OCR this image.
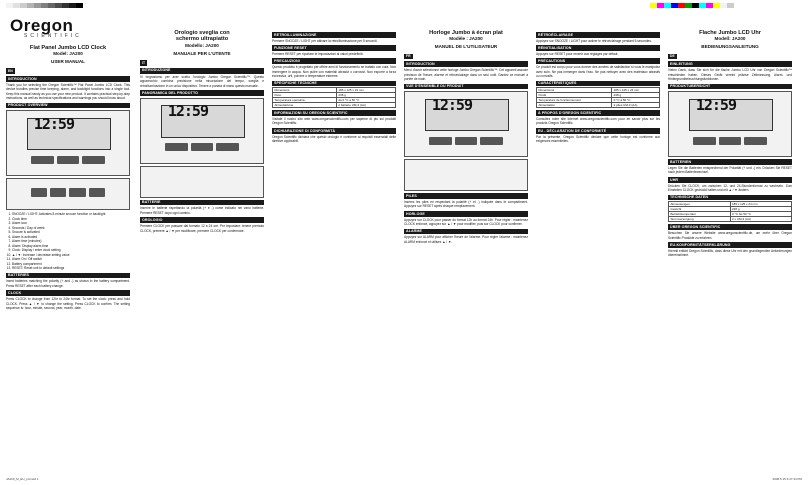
Oregon
SCIENTIFIC
Flat Panel Jumbo LCD Clock
Model: JA200
USER MANUAL
EN
INTRODUCTION

Thank you for selecting the Oregon Scientific™ Flat Panel Jumbo LCD Clock. This device bundles precise time keeping, alarm, and backlight functions into a single tool. Keep this manual handy as you use your new product. It contains practical step-by-step instructions, as well as technical specifications and warnings you should know about.

PRODUCT OVERVIEW
12:59
1. SNOOZE / LIGHT: Activates 8-minute snooze function or backlight
2. Clock time
3. Alarm icon
4. Seconds / Day of week
5. Snooze is activated
6. Alarm is activated
7. Alarm time (minutes)
8. Alarm: Display alarm time
9. Clock: Display / enter clock setting
10. ▲ / ▼: Increase / decrease setting value
11. Alarm On / Off switch
12. Battery compartment
13. RESET: Reset unit to default settings
BATTERIES

Insert batteries matching the polarity (+ and -) as shown in the battery compartment. Press RESET after each battery change.

CLOCK

Press CLOCK to change from 12hr to 24hr format. To set the clock: press and hold CLOCK. Press ▲ / ▼ to change the setting. Press CLOCK to confirm. The setting sequence is: hour, minute, second, year, month, date.

Orologio sveglia con
schermo ultrapiatto
Modello: JA200
MANUALE PER L'UTENTE
IT
INTRODUZIONE

Vi ringraziamo per aver scelto l'orologio Jumbo Oregon Scientific™. Questo apparecchio combina precisione nella misurazione del tempo, sveglia e retroilluminazione in un unico dispositivo. Tenere a portata di mano questo manuale.

PANORAMICA DEL PRODOTTO
12:59
BATTERIE

Inserire le batterie rispettando la polarità (+ e -) come indicato nel vano batterie. Premere RESET dopo ogni cambio.

OROLOGIO

Premere CLOCK per passare dal formato 12 a 24 ore. Per impostare: tenere premuto CLOCK, premere ▲ / ▼ per modificare, premere CLOCK per confermare.

RETROILLUMINAZIONE

Premere SNOOZE / LIGHT per attivare la retroilluminazione per 5 secondi.

FUNZIONE RESET

Premere RESET per riportare le impostazioni ai valori predefiniti.

PRECAUZIONI

Questo prodotto è progettato per offrire anni di funzionamento se trattato con cura. Non immergere in acqua. Non pulire con materiali abrasivi o corrosivi. Non esporre a forza eccessiva, urti, polvere o temperature estreme.

SPECIFICHE TECNICHE
Dimensioni	185 x 125 x 24 mm
Peso	238 g
Temperatura operativa	da 0 °C a 50 °C
Alimentazione	2 batterie UM-3 (AA)
INFORMAZIONI SU OREGON SCIENTIFIC

Visitate il nostro sito web www.oregonscientific.com per saperne di più sui prodotti Oregon Scientific.

DICHIARAZIONE DI CONFORMITÀ

Oregon Scientific dichiara che questo orologio è conforme ai requisiti essenziali delle direttive applicabili.

Horloge Jumbo à écran plat
Modèle : JA200
MANUEL DE L'UTILISATEUR
FR
INTRODUCTION

Merci d'avoir sélectionné cette horloge Jumbo Oregon Scientific™. Cet appareil associe précision de l'heure, alarme et rétroéclairage dans un seul outil. Gardez ce manuel à portée de main.

VUE D'ENSEMBLE DU PRODUIT
12:59
PILES

Insérez les piles en respectant la polarité (+ et -) indiquée dans le compartiment. Appuyez sur RESET après chaque remplacement.

HORLOGE

Appuyez sur CLOCK pour passer du format 12h au format 24h. Pour régler : maintenez CLOCK enfoncé, appuyez sur ▲ / ▼ pour modifier, puis sur CLOCK pour confirmer.

ALARME

Appuyez sur ALARM pour afficher l'heure de l'alarme. Pour régler l'alarme : maintenez ALARM enfoncé et utilisez ▲ / ▼.

RÉTROÉCLAIRAGE

Appuyez sur SNOOZE / LIGHT pour activer le rétroéclairage pendant 5 secondes.

RÉINITIALISATION

Appuyez sur RESET pour revenir aux réglages par défaut.

PRÉCAUTIONS

Ce produit est conçu pour vous donner des années de satisfaction si vous le manipulez avec soin. Ne pas immerger dans l'eau. Ne pas nettoyer avec des matériaux abrasifs ou corrosifs.

CARACTÉRISTIQUES
Dimensions	185 x 125 x 24 mm
Poids	238 g
Température de fonctionnement	0 °C à 50 °C
Alimentation	2 piles UM-3 (AA)
À PROPOS D'OREGON SCIENTIFIC

Consultez notre site internet www.oregonscientific.com pour en savoir plus sur les produits Oregon Scientific.

EU - DÉCLARATION DE CONFORMITÉ

Par la présente, Oregon Scientific déclare que cette horloge est conforme aux exigences essentielles.

Flache Jumbo LCD Uhr
Modell: JA200
BEDIENUNGSANLEITUNG
DE
EINLEITUNG

Vielen Dank, dass Sie sich für die flache Jumbo LCD Uhr von Oregon Scientific™ entschieden haben. Dieses Gerät vereint präzise Zeitmessung, Alarm- und Hintergrundbeleuchtungsfunktionen.

PRODUKTÜBERSICHT
12:59
BATTERIEN

Legen Sie die Batterien entsprechend der Polarität (+ und -) ein. Drücken Sie RESET nach jedem Batteriewechsel.

UHR

Drücken Sie CLOCK, um zwischen 12- und 24-Stundenformat zu wechseln. Zum Einstellen CLOCK gedrückt halten und mit ▲ / ▼ ändern.

TECHNISCHE DATEN
Abmessungen	185 x 125 x 24 mm
Gewicht	238 g
Betriebstemperatur	0 °C bis 50 °C
Stromversorgung	2 x UM-3 (AA)
ÜBER OREGON SCIENTIFIC

Besuchen Sie unsere Website www.oregonscientific.de, um mehr über Oregon Scientific Produkte zu erfahren.

EU-KONFORMITÄTSERKLÄRUNG

Hiermit erklärt Oregon Scientific, dass diese Uhr mit den grundlegenden Anforderungen übereinstimmt.

JA200_M_EU_pd.indd 1	2008.5.15 5:47:34 PM
